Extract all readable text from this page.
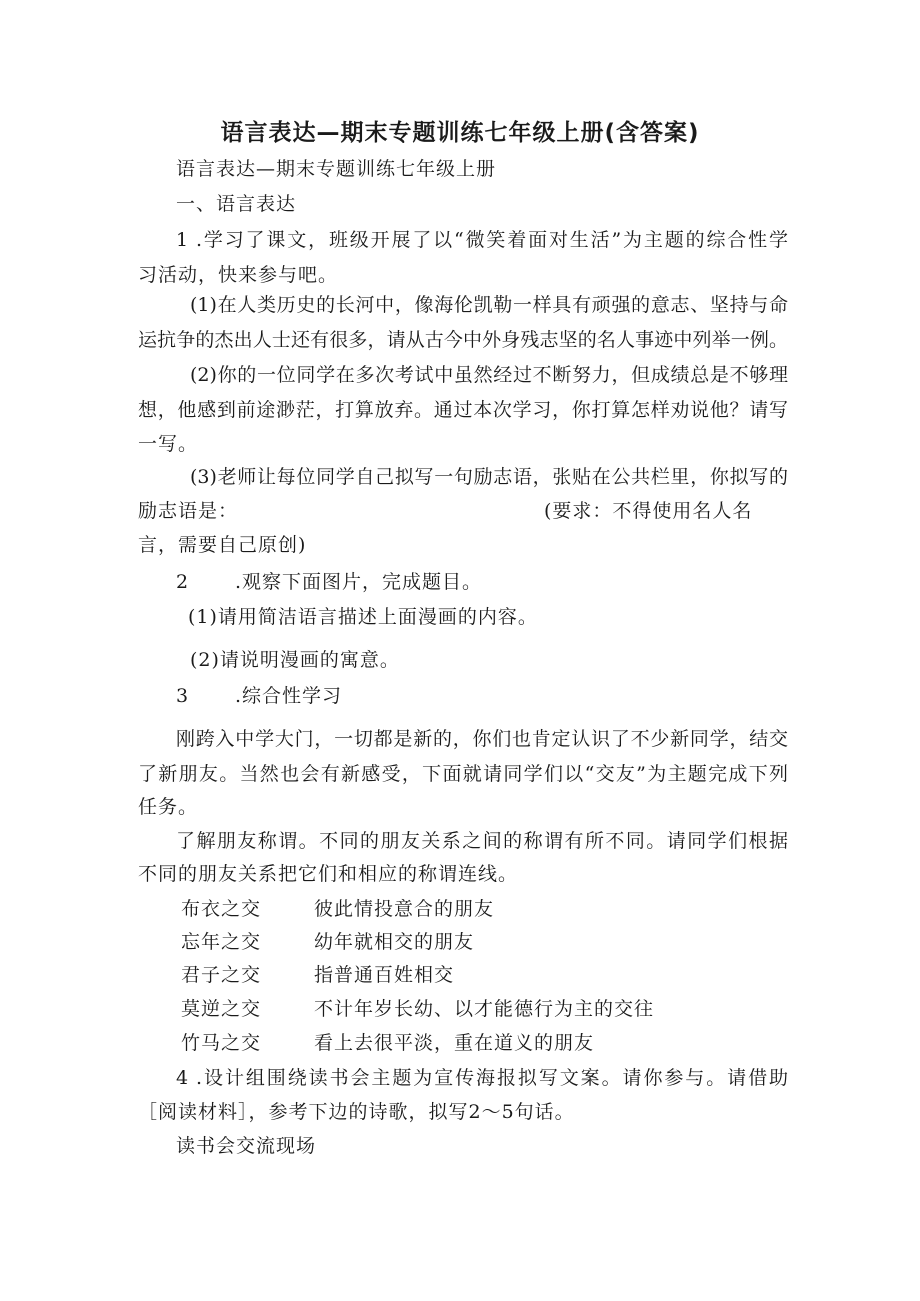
语言表达—期末专题训练七年级上册(含答案)
语言表达—期末专题训练七年级上册
一、语言表达
1 .学习了课文，班级开展了以“微笑着面对生活”为主题的综合性学
习活动，快来参与吧。
(1)在人类历史的长河中，像海伦凯勒一样具有顽强的意志、坚持与命
运抗争的杰出人士还有很多，请从古今中外身残志坚的名人事迹中列举一例。
(2)你的一位同学在多次考试中虽然经过不断努力，但成绩总是不够理
想，他感到前途渺茫，打算放弃。通过本次学习，你打算怎样劝说他？请写
一写。
(3)老师让每位同学自己拟写一句励志语，张贴在公共栏里，你拟写的
励志语是：	(要求：不得使用名人名
言，需要自己原创)
2 .观察下面图片，完成题目。
(1)请用简洁语言描述上面漫画的内容。
(2)请说明漫画的寓意。
3 .综合性学习
刚跨入中学大门，一切都是新的，你们也肯定认识了不少新同学，结交
了新朋友。当然也会有新感受，下面就请同学们以“交友”为主题完成下列
任务。
了解朋友称谓。不同的朋友关系之间的称谓有所不同。请同学们根据
不同的朋友关系把它们和相应的称谓连线。
布衣之交	彼此情投意合的朋友
忘年之交	幼年就相交的朋友
君子之交	指普通百姓相交
莫逆之交	不计年岁长幼、以才能德行为主的交往
竹马之交	看上去很平淡，重在道义的朋友
4 .设计组围绕读书会主题为宣传海报拟写文案。请你参与。请借助
［阅读材料］，参考下边的诗歌，拟写2～5句话。
读书会交流现场
